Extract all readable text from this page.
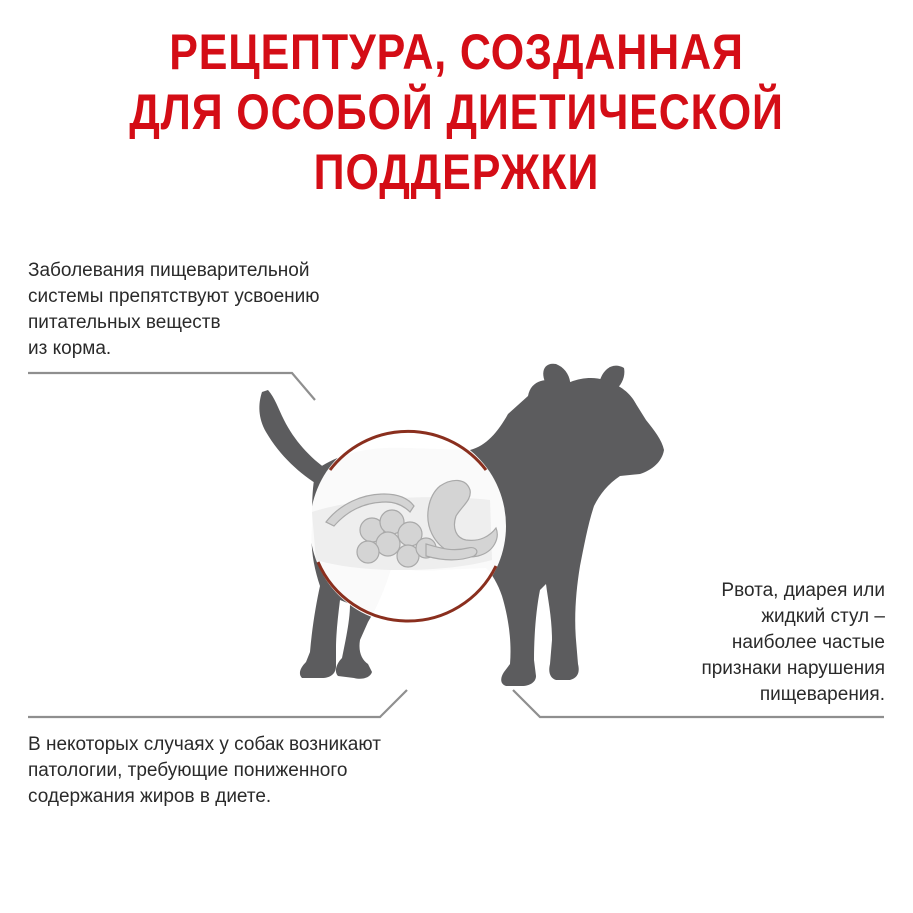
РЕЦЕПТУРА, СОЗДАННАЯ
ДЛЯ ОСОБОЙ ДИЕТИЧЕСКОЙ
ПОДДЕРЖКИ
Заболевания пищеварительной
системы препятствуют усвоению
питательных веществ
из корма.
Рвота, диарея или
жидкий стул –
наиболее частые
признаки нарушения
пищеварения.
В некоторых случаях у собак возникают
патологии, требующие пониженного
содержания жиров в диете.
